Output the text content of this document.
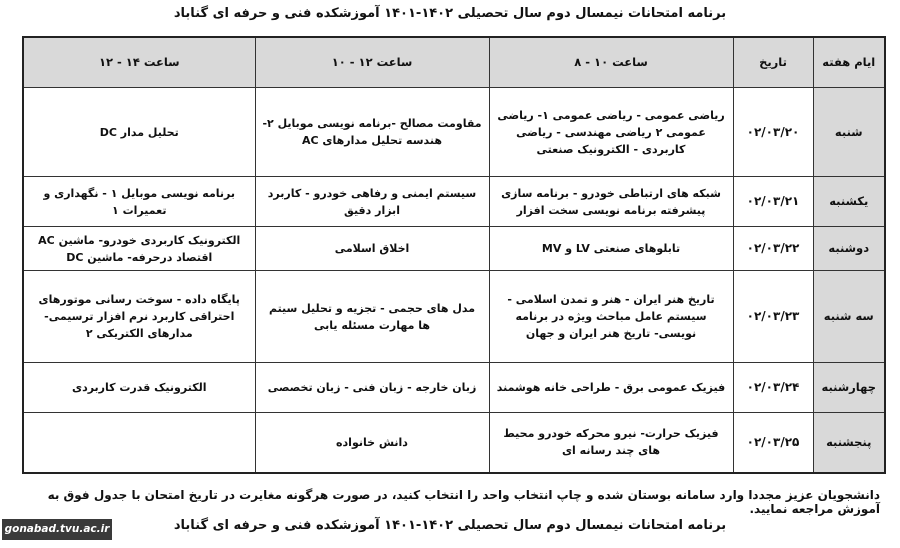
برنامه امتحانات نیمسال دوم سال تحصیلی ۱۴۰۲-۱۴۰۱ آموزشکده فنی و حرفه ای گناباد
ایام هفته	تاریخ	ساعت ۱۰ - ۸	ساعت ۱۲ - ۱۰	ساعت ۱۴ - ۱۲
شنبه	۰۲/۰۳/۲۰	ریاضی عمومی - ریاضی عمومی ۱- ریاضی عمومی ۲ ریاضی مهندسی - ریاضی کاربردی - الکترونیک صنعتی	مقاومت مصالح -برنامه نویسی موبایل ۲- هندسه تحلیل مدارهای AC	تحلیل مدار DC
یکشنبه	۰۲/۰۳/۲۱	شبکه های ارتباطی خودرو - برنامه سازی پیشرفته برنامه نویسی سخت افزار	سیستم ایمنی و رفاهی خودرو - کاربرد ابزار دقیق	برنامه نویسی موبایل ۱ - نگهداری و تعمیرات ۱
دوشنبه	۰۲/۰۳/۲۲	تابلوهای صنعتی LV و MV	اخلاق اسلامی	الکترونیک کاربردی خودرو- ماشین AC اقتصاد درحرفه- ماشین DC
سه شنبه	۰۲/۰۳/۲۳	تاریخ هنر ایران - هنر و تمدن اسلامی - سیستم عامل مباحث ویژه در برنامه نویسی- تاریخ هنر ایران و جهان	مدل های حجمی - تجزیه و تحلیل سیتم ها مهارت مسئله یابی	پایگاه داده - سوخت رسانی موتورهای احتراقی کاربرد نرم افزار ترسیمی- مدارهای الکتریکی ۲
چهارشنبه	۰۲/۰۳/۲۴	فیزیک عمومی برق - طراحی خانه هوشمند	زبان خارجه - زبان فنی - زبان تخصصی	الکترونیک قدرت کاربردی
پنجشنبه	۰۲/۰۳/۲۵	فیزیک حرارت- نیرو محرکه خودرو محیط های چند رسانه ای	دانش خانواده	
دانشجویان عزیز مجددا وارد سامانه بوستان شده و چاپ انتخاب واحد را انتخاب کنید، در صورت هرگونه مغایرت در تاریخ امتحان با جدول فوق به آموزش مراجعه نمایید.
gonabad.tvu.ac.ir	برنامه امتحانات نیمسال دوم سال تحصیلی ۱۴۰۲-۱۴۰۱ آموزشکده فنی و حرفه ای گناباد
